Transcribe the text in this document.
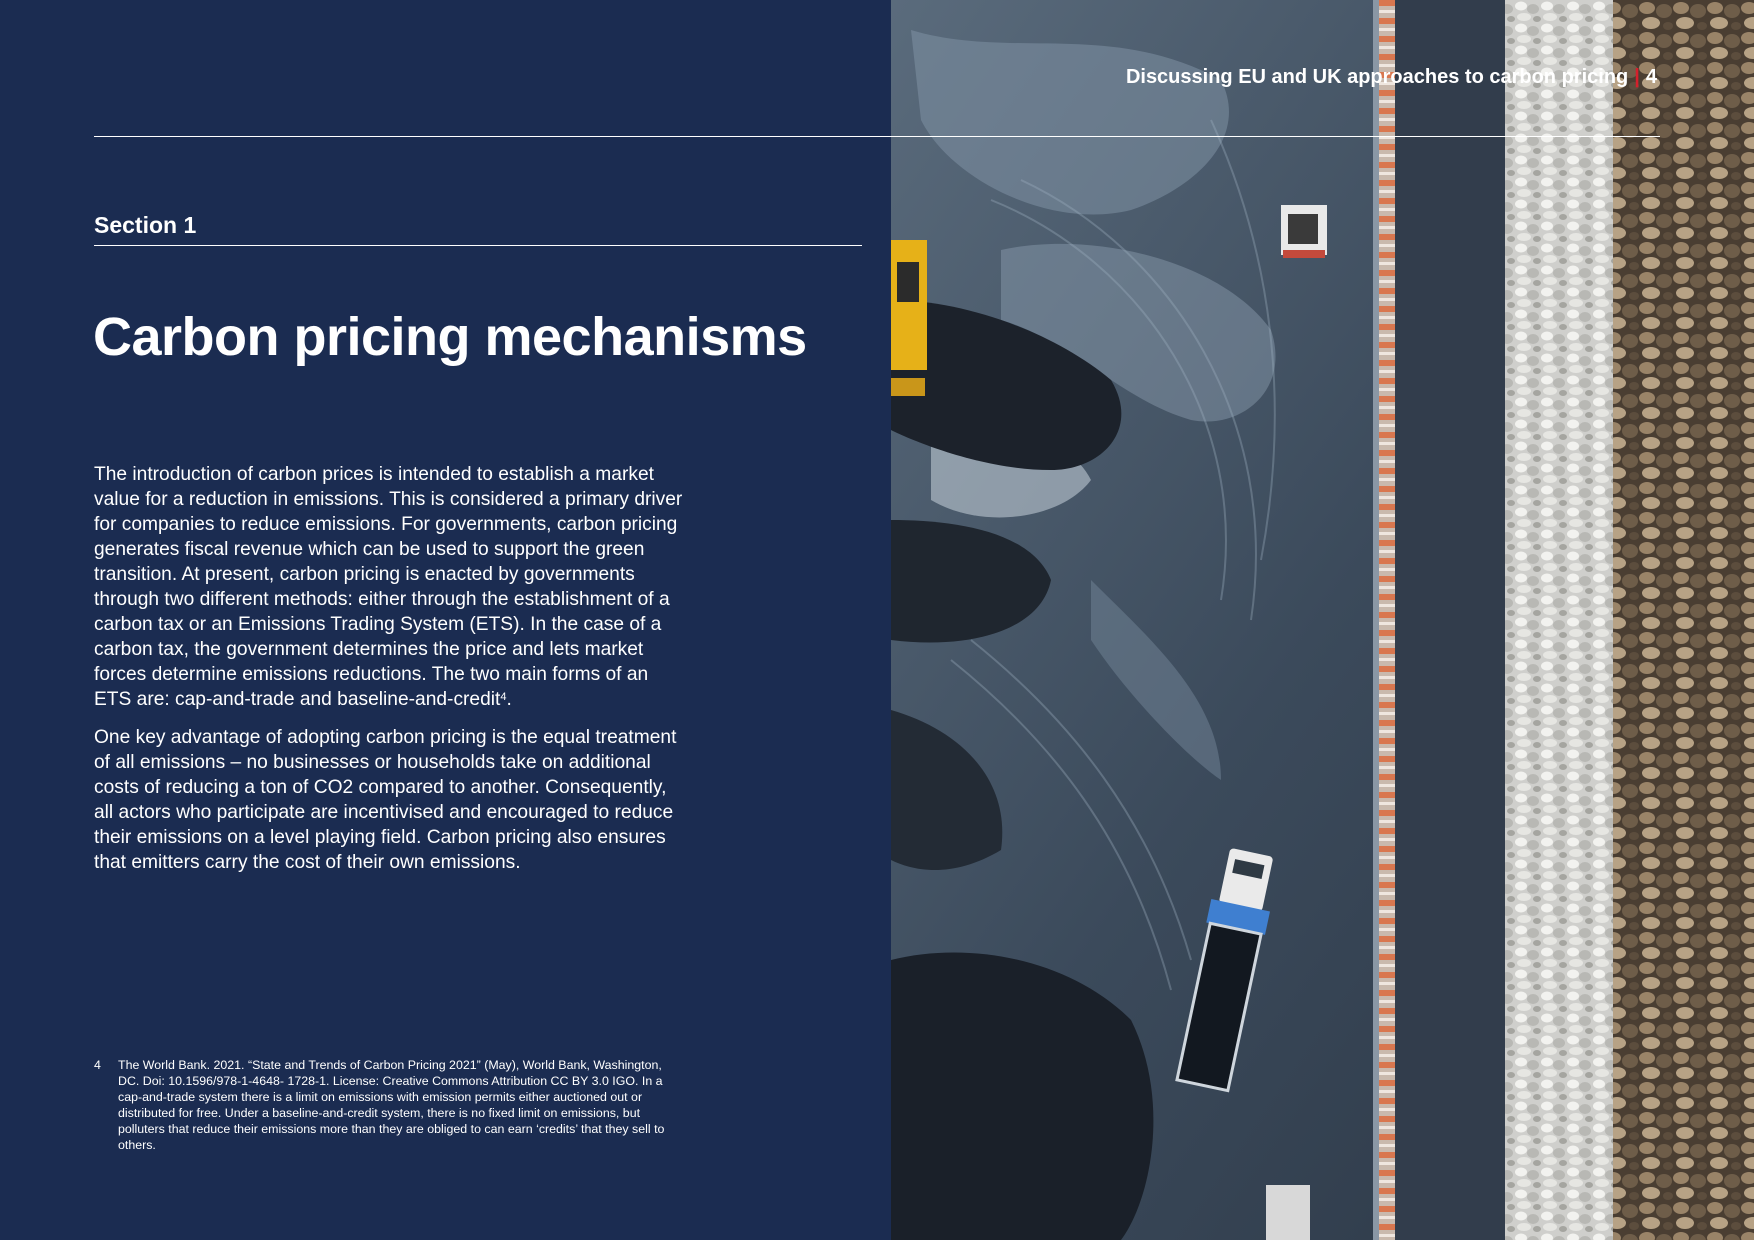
Discussing EU and UK approaches to carbon pricing | 4
Section 1
Carbon pricing mechanisms

The introduction of carbon prices is intended to establish a market value for a reduction in emissions. This is considered a primary driver for companies to reduce emissions. For governments, carbon pricing generates fiscal revenue which can be used to support the green transition. At present, carbon pricing is enacted by governments through two different methods: either through the establishment of a carbon tax or an Emissions Trading System (ETS). In the case of a carbon tax, the government determines the price and lets market forces determine emissions reductions. The two main forms of an ETS are: cap-and-trade and baseline-and-credit$^4$.

One key advantage of adopting carbon pricing is the equal treatment of all emissions – no businesses or households take on additional costs of reducing a ton of CO2 compared to another. Consequently, all actors who participate are incentivised and encouraged to reduce their emissions on a level playing field. Carbon pricing also ensures that emitters carry the cost of their own emissions.

4	The World Bank. 2021. “State and Trends of Carbon Pricing 2021” (May), World Bank, Washington, DC. Doi: 10.1596/978-1-4648- 1728-1. License: Creative Commons Attribution CC BY 3.0 IGO. In a cap-and-trade system there is a limit on emissions with emission permits either auctioned out or distributed for free. Under a baseline-and-credit system, there is no fixed limit on emissions, but polluters that reduce their emissions more than they are obliged to can earn ‘credits’ that they sell to others.
